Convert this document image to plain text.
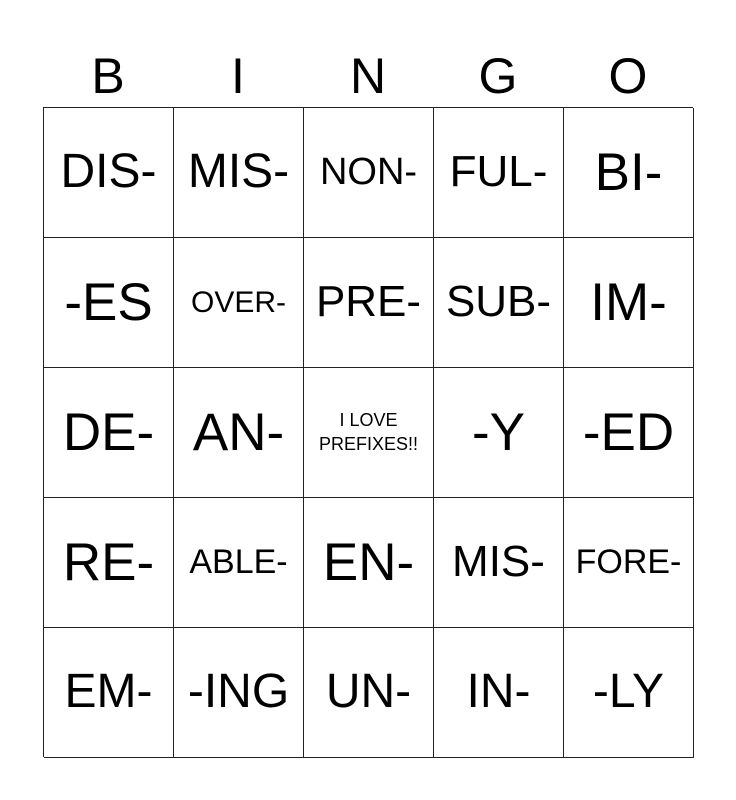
B	I	N	G	O
DIS- MIS- NON- FUL- BI-
-ES OVER- PRE- SUB- IM-
DE- AN-	I LOVE PREFIXES!! -Y -ED
RE- ABLE- EN- MIS- FORE-
EM- -ING UN- IN- -LY
